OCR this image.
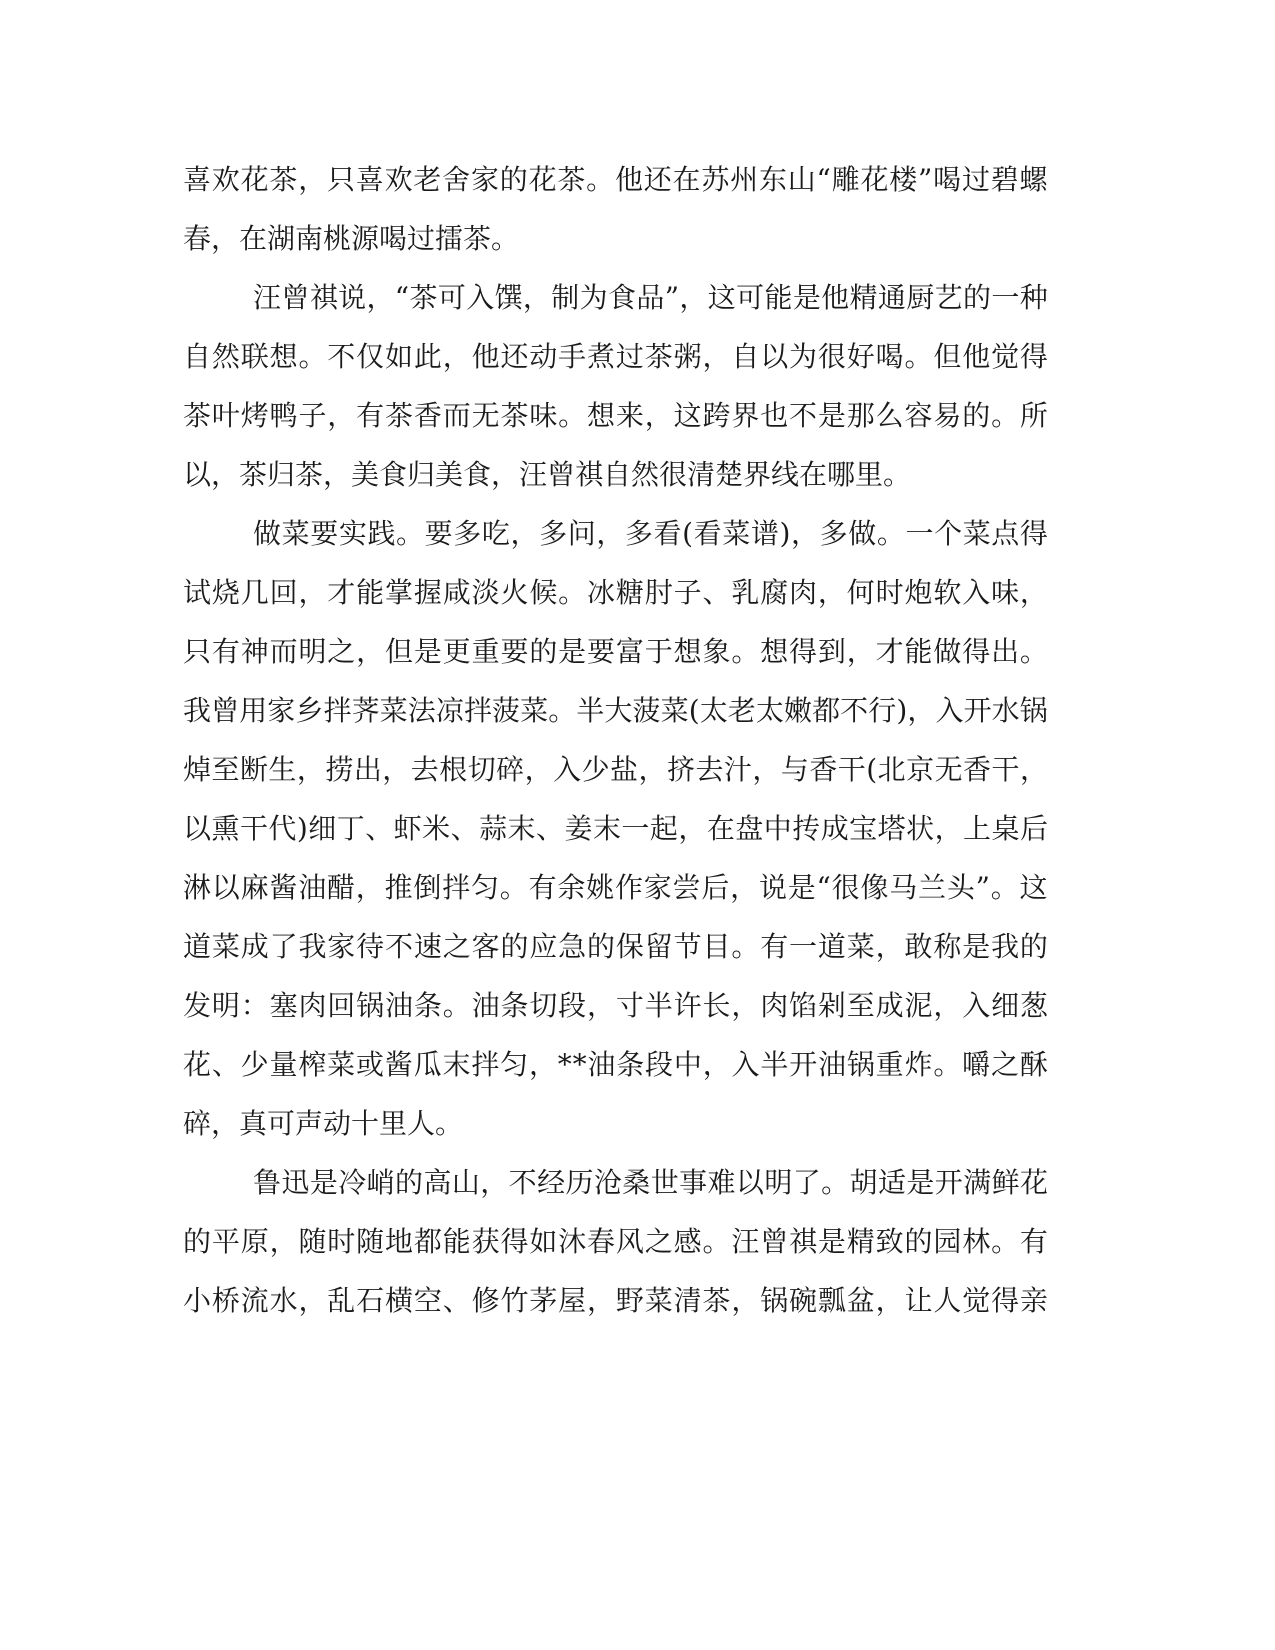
喜 欢 花 茶 ， 只 喜 欢 老 舍 家 的 花 茶 。 他 还 在 苏 州 东 山 “ 雕 花 楼 ” 喝 过 碧 螺
春，在湖南桃源喝过擂茶。
汪 曾 祺 说 ， “ 茶 可 入 馔 ， 制 为 食 品 ” ， 这 可 能 是 他 精 通 厨 艺 的 一 种
自 然 联 想 。 不 仅 如 此 ， 他 还 动 手 煮 过 茶 粥 ， 自 以 为 很 好 喝 。 但 他 觉 得
茶 叶 烤 鸭 子 ， 有 茶 香 而 无 茶 味 。 想 来 ， 这 跨 界 也 不 是 那 么 容 易 的 。 所
以，茶归茶，美食归美食，汪曾祺自然很清楚界线在哪里。
做 菜 要 实 践 。 要 多 吃 ， 多 问 ， 多 看 ( 看 菜 谱 ) ， 多 做 。 一 个 菜 点 得
试 烧 几 回 ， 才 能 掌 握 咸 淡 火 候 。 冰 糖 肘 子 、 乳 腐 肉 ， 何 时 炮 软 入 味 ，
只 有 神 而 明 之 ， 但 是 更 重 要 的 是 要 富 于 想 象 。 想 得 到 ， 才 能 做 得 出 。
我 曾 用 家 乡 拌 荠 菜 法 凉 拌 菠 菜 。 半 大 菠 菜 ( 太 老 太 嫩 都 不 行 ) ， 入 开 水 锅
焯 至 断 生 ， 捞 出 ， 去 根 切 碎 ， 入 少 盐 ， 挤 去 汁 ， 与 香 干 ( 北 京 无 香 干 ，
以 熏 干 代 ) 细 丁 、 虾 米 、 蒜 末 、 姜 末 一 起 ， 在 盘 中 抟 成 宝 塔 状 ， 上 桌 后
淋 以 麻 酱 油 醋 ， 推 倒 拌 匀 。 有 余 姚 作 家 尝 后 ， 说 是 “ 很 像 马 兰 头 ” 。 这
道 菜 成 了 我 家 待 不 速 之 客 的 应 急 的 保 留 节 目 。 有 一 道 菜 ， 敢 称 是 我 的
发 明 ： 塞 肉 回 锅 油 条 。 油 条 切 段 ， 寸 半 许 长 ， 肉 馅 剁 至 成 泥 ， 入 细 葱
花 、 少 量 榨 菜 或 酱 瓜 末 拌 匀 ， * * 油 条 段 中 ， 入 半 开 油 锅 重 炸 。 嚼 之 酥
碎，真可声动十里人。
鲁 迅 是 冷 峭 的 高 山 ， 不 经 历 沧 桑 世 事 难 以 明 了 。 胡 适 是 开 满 鲜 花
的 平 原 ， 随 时 随 地 都 能 获 得 如 沐 春 风 之 感 。 汪 曾 祺 是 精 致 的 园 林 。 有
小 桥 流 水 ， 乱 石 横 空 、 修 竹 茅 屋 ， 野 菜 清 茶 ， 锅 碗 瓢 盆 ， 让 人 觉 得 亲
